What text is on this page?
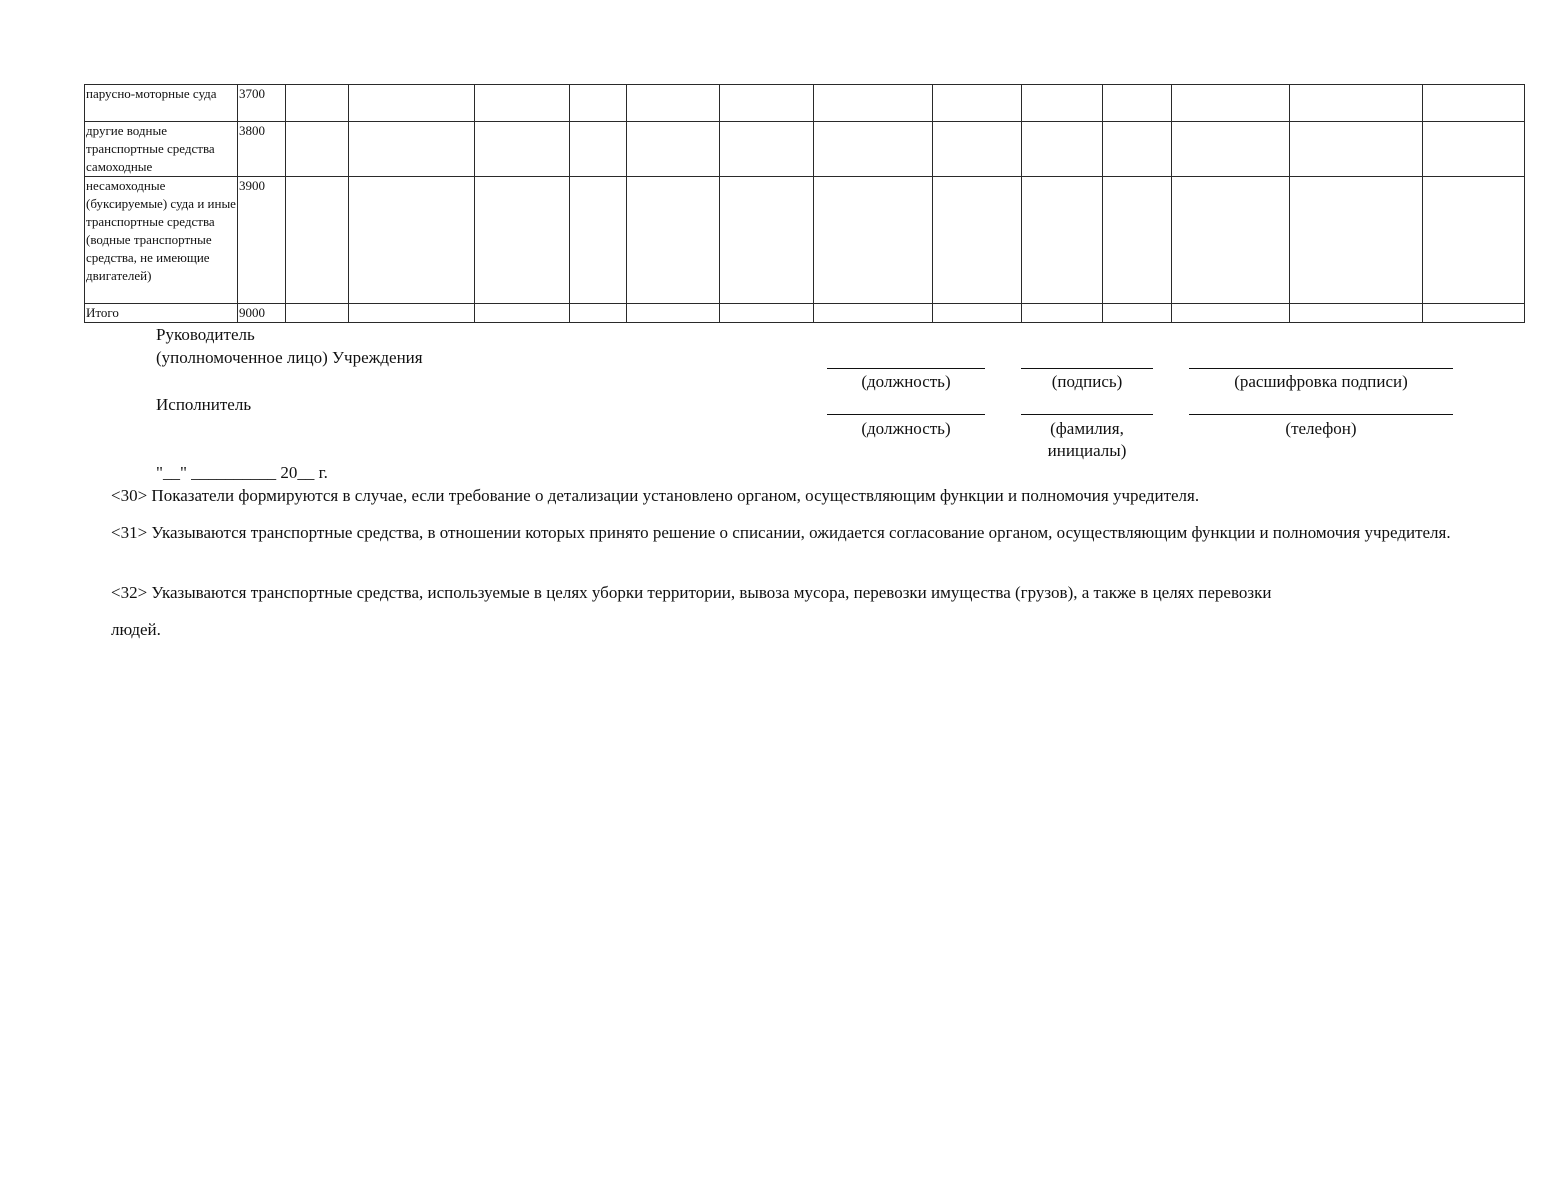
парусно-моторные суда	3700													
другие водные транспортные средства самоходные	3800													
несамоходные (буксируемые) суда и иные транспортные средства (водные транспортные средства, не имеющие двигателей)	3900													
Итого	9000													
Руководитель
(уполномоченное лицо) Учреждения
(должность)	(подпись)	(расшифровка подписи)
Исполнитель
(должность)	(фамилия,
инициалы)
(телефон)
"__" __________ 20__ г.
<30> Показатели формируются в случае, если требование о детализации установлено органом, осуществляющим функции и полномочия учредителя.
<31> Указываются транспортные средства, в отношении которых принято решение о списании, ожидается согласование органом, осуществляющим функции и полномочия учредителя.
<32> Указываются транспортные средства, используемые в целях уборки территории, вывоза мусора, перевозки имущества (грузов), а также в целях перевозки
людей.
